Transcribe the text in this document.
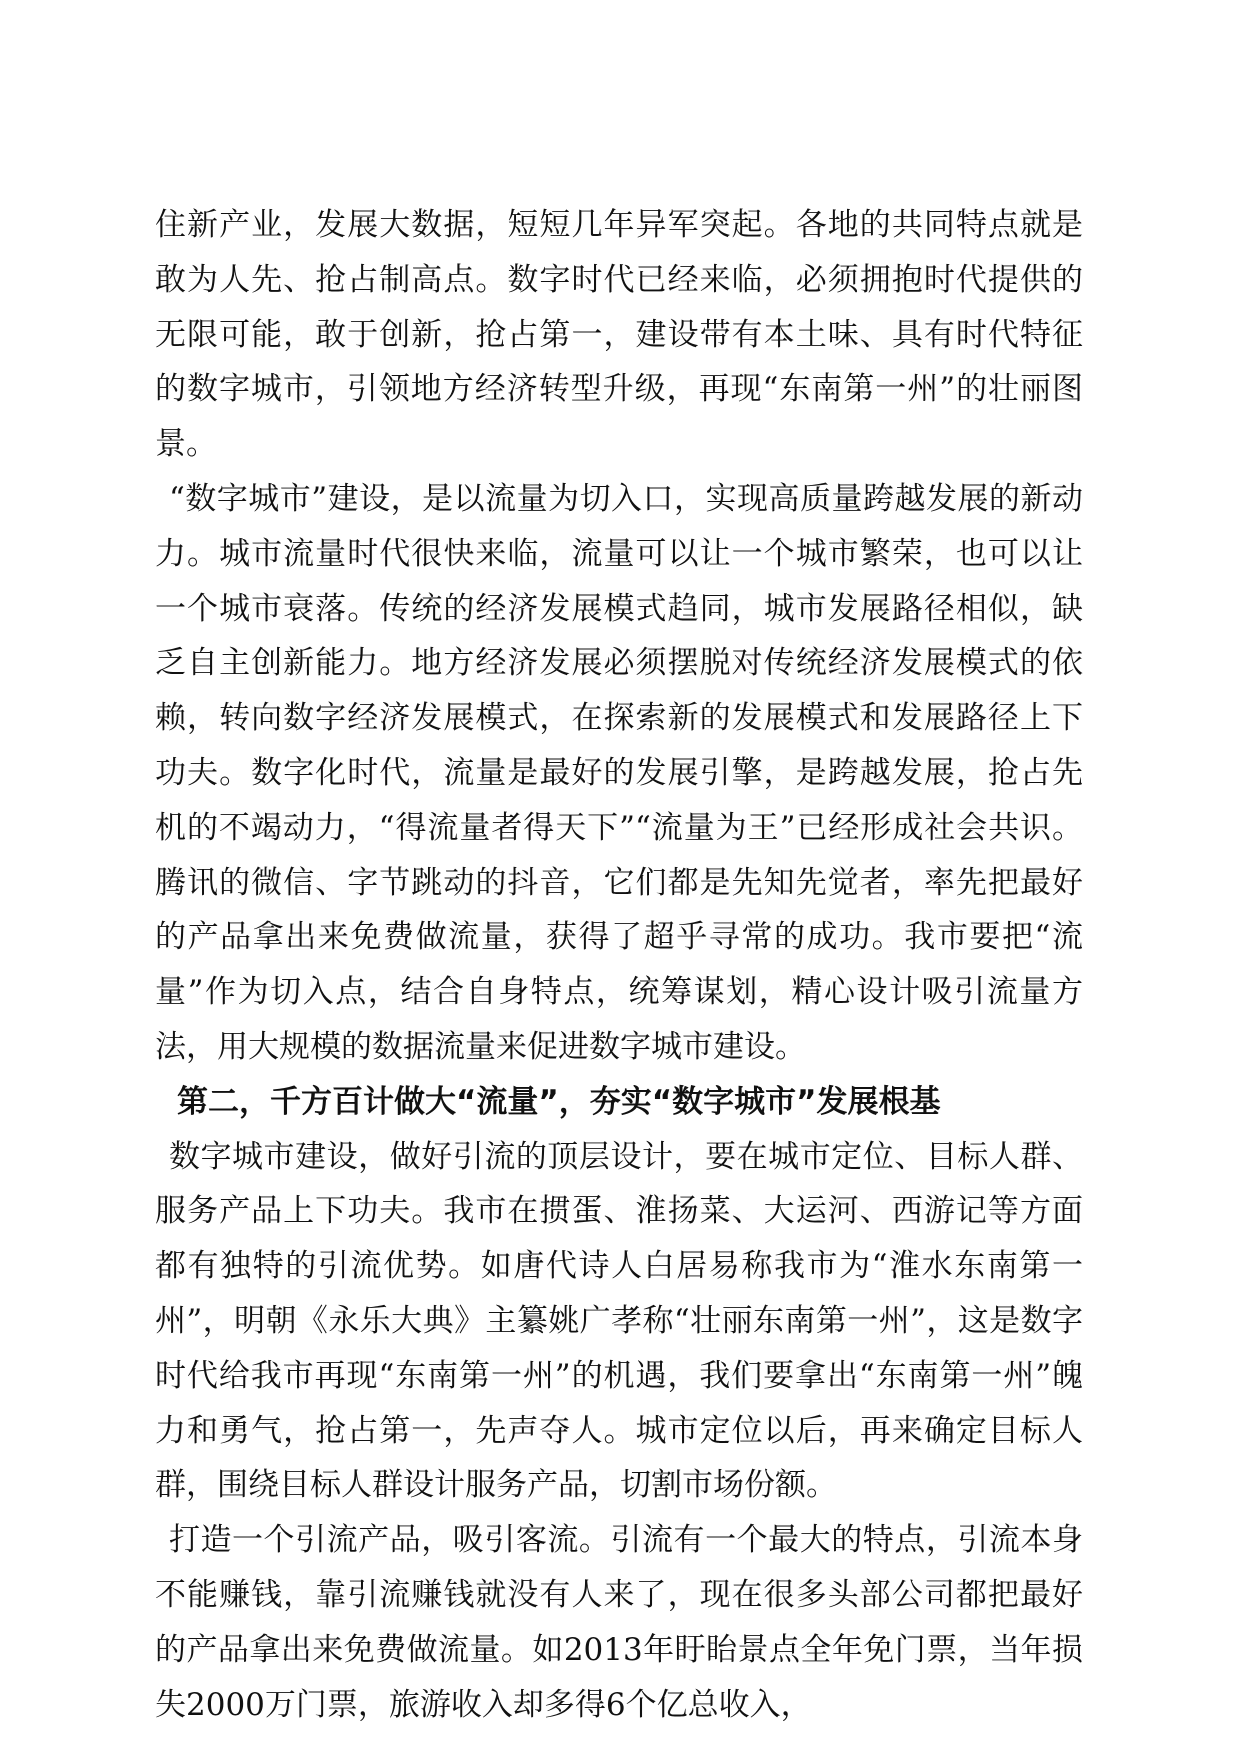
住新产业，发展大数据，短短几年异军突起。各地的共同特点就是敢为人先、抢占制高点。数字时代已经来临，必须拥抱时代提供的无限可能，敢于创新，抢占第一，建设带有本土味、具有时代特征的数字城市，引领地方经济转型升级，再现“东南第一州”的壮丽图景。

“数字城市”建设，是以流量为切入口，实现高质量跨越发展的新动力。城市流量时代很快来临，流量可以让一个城市繁荣，也可以让一个城市衰落。传统的经济发展模式趋同，城市发展路径相似，缺乏自主创新能力。地方经济发展必须摆脱对传统经济发展模式的依赖，转向数字经济发展模式，在探索新的发展模式和发展路径上下功夫。数字化时代，流量是最好的发展引擎，是跨越发展，抢占先机的不竭动力，“得流量者得天下”“流量为王”已经形成社会共识。腾讯的微信、字节跳动的抖音，它们都是先知先觉者，率先把最好的产品拿出来免费做流量，获得了超乎寻常的成功。我市要把“流量”作为切入点，结合自身特点，统筹谋划，精心设计吸引流量方法，用大规模的数据流量来促进数字城市建设。

第二，千方百计做大“流量”，夯实“数字城市”发展根基

数字城市建设，做好引流的顶层设计，要在城市定位、目标人群、服务产品上下功夫。我市在掼蛋、淮扬菜、大运河、西游记等方面都有独特的引流优势。如唐代诗人白居易称我市为“淮水东南第一州”，明朝《永乐大典》主纂姚广孝称“壮丽东南第一州”，这是数字时代给我市再现“东南第一州”的机遇，我们要拿出“东南第一州”魄力和勇气，抢占第一，先声夺人。城市定位以后，再来确定目标人群，围绕目标人群设计服务产品，切割市场份额。

打造一个引流产品，吸引客流。引流有一个最大的特点，引流本身不能赚钱，靠引流赚钱就没有人来了，现在很多头部公司都把最好的产品拿出来免费做流量。如2013年盱眙景点全年免门票，当年损失2000万门票，旅游收入却多得6个亿总收入，
